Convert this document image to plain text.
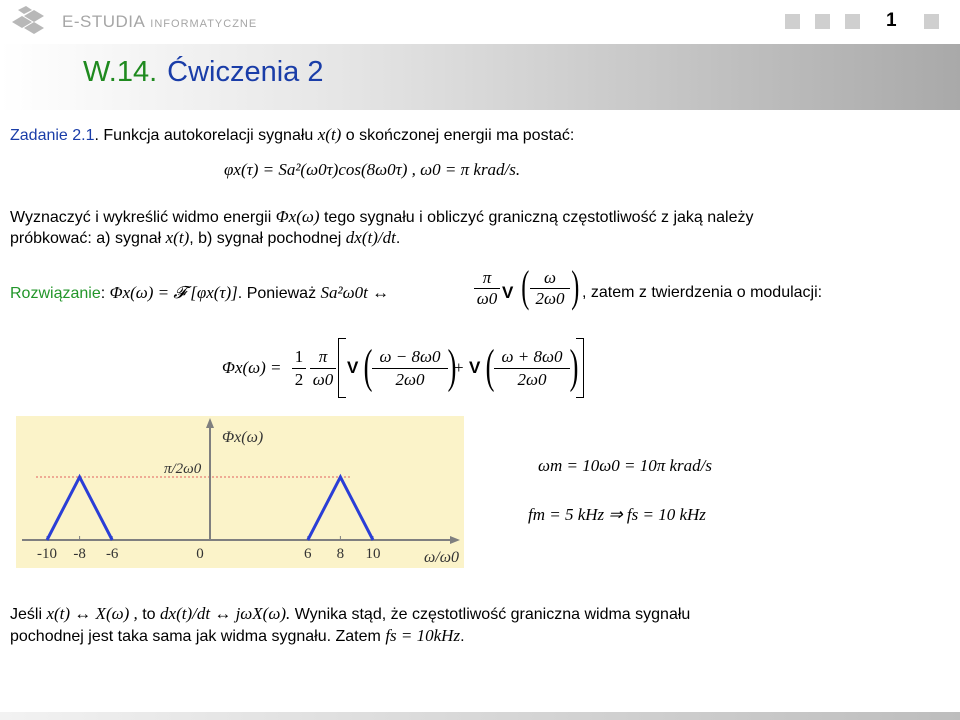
E-STUDIA INFORMATYCZNE	1
W.14. Ćwiczenia 2
Zadanie 2.1. Funkcja autokorelacji sygnału x(t) o skończonej energii ma postać:
φx(τ) = Sa²(ω0τ)cos(8ω0τ) , ω0 = π krad/s.
Wyznaczyć i wykreślić widmo energii Φx(ω) tego sygnału i obliczyć graniczną częstotliwość z jaką należy
próbkować: a) sygnał x(t), b) sygnał pochodnej dx(t)/dt.
Rozwiązanie: Φx(ω) = 𝓕 [φx(τ)]. Ponieważ Sa²ω0t ↔
π
ω0 V ( ω
2ω0 ) , zatem z twierdzenia o modulacji:
$\Phi x(\omega) = \frac{1}{2}$ π
ω0
V ( $\frac{\omega - 8\omega 0}{2\omega 0}$ )
+ V ( $\frac{\omega + 8\omega 0}{2\omega 0}$ )
-10 -8 -6	0	6 8 10
Φx(ω)
π/2ω0
ω/ω0
ωm = 10ω0 = 10π krad/s
fm = 5 kHz ⇒ fs = 10 kHz
Jeśli x(t) ↔ X(ω) , to dx(t)/dt ↔ jωX(ω). Wynika stąd, że częstotliwość graniczna widma sygnału
pochodnej jest taka sama jak widma sygnału. Zatem fs = 10kHz.
